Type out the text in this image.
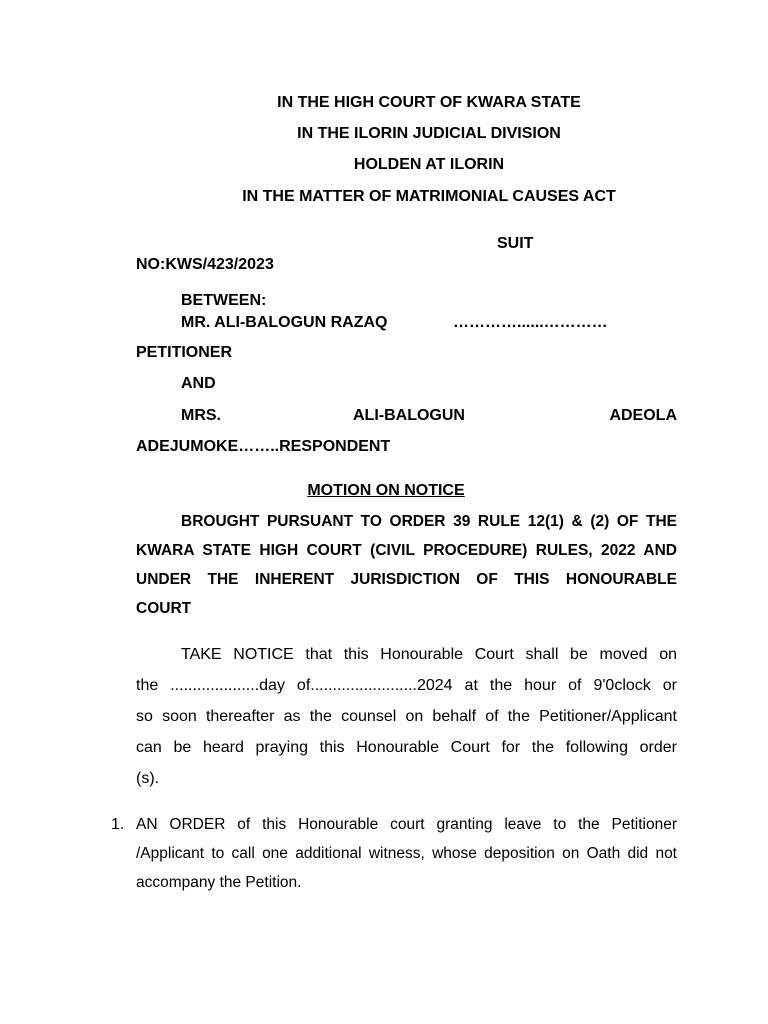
IN THE HIGH COURT OF KWARA STATE
IN THE ILORIN JUDICIAL DIVISION
HOLDEN AT ILORIN
IN THE MATTER OF MATRIMONIAL CAUSES ACT
SUIT
NO:KWS/423/2023
BETWEEN:
MR. ALI-BALOGUN RAZAQ	…………......…………
PETITIONER
AND
MRS.	ALI-BALOGUN	ADEOLA
ADEJUMOKE……..RESPONDENT
MOTION ON NOTICE
BROUGHT PURSUANT TO ORDER 39 RULE 12(1) & (2) OF THE
KWARA STATE HIGH COURT (CIVIL PROCEDURE) RULES, 2022 AND
UNDER THE INHERENT JURISDICTION OF THIS HONOURABLE
COURT
TAKE NOTICE that this Honourable Court shall be moved on
the ....................day of........................2024 at the hour of 9'0clock or
so soon thereafter as the counsel on behalf of the Petitioner/Applicant
can be heard praying this Honourable Court for the following order
(s).
1. AN ORDER of this Honourable court granting leave to the Petitioner
/Applicant to call one additional witness, whose deposition on Oath did not
accompany the Petition.
